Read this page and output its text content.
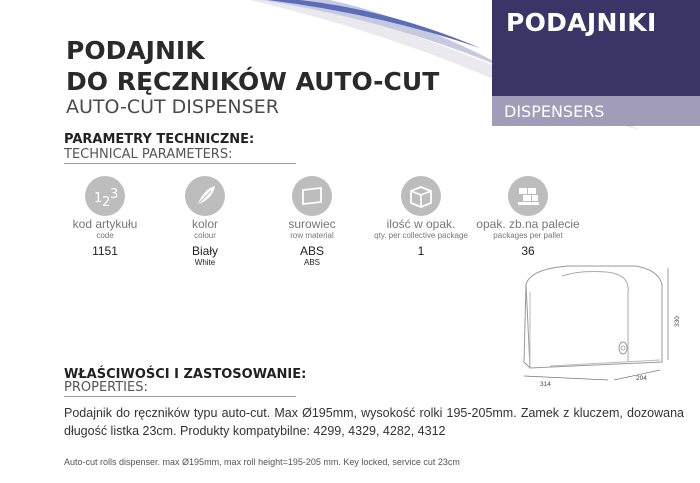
PODAJNIKI
DISPENSERS
PODAJNIK
DO RĘCZNIKÓW AUTO-CUT
AUTO-CUT DISPENSER
PARAMETRY TECHNICZNE:
TECHNICAL PARAMETERS:
1 2
3
kod artykułu
code
1151
kolor
colour
Biały
White
surowiec
row material
ABS
ABS
ilość w opak.
qty. per collective package
1
opak. zb.na palecie
packages per pallet
36
314
204
330
WŁAŚCIWOŚCI I ZASTOSOWANIE:
PROPERTIES:
Podajnik do ręczników typu auto-cut. Max Ø195mm, wysokość rolki 195-205mm. Zamek z kluczem, dozowana długość listka 23cm. Produkty kompatybilne: 4299, 4329, 4282, 4312
Auto-cut rolls dispenser. max Ø195mm, max roll height=195-205 mm. Key locked, service cut 23cm
